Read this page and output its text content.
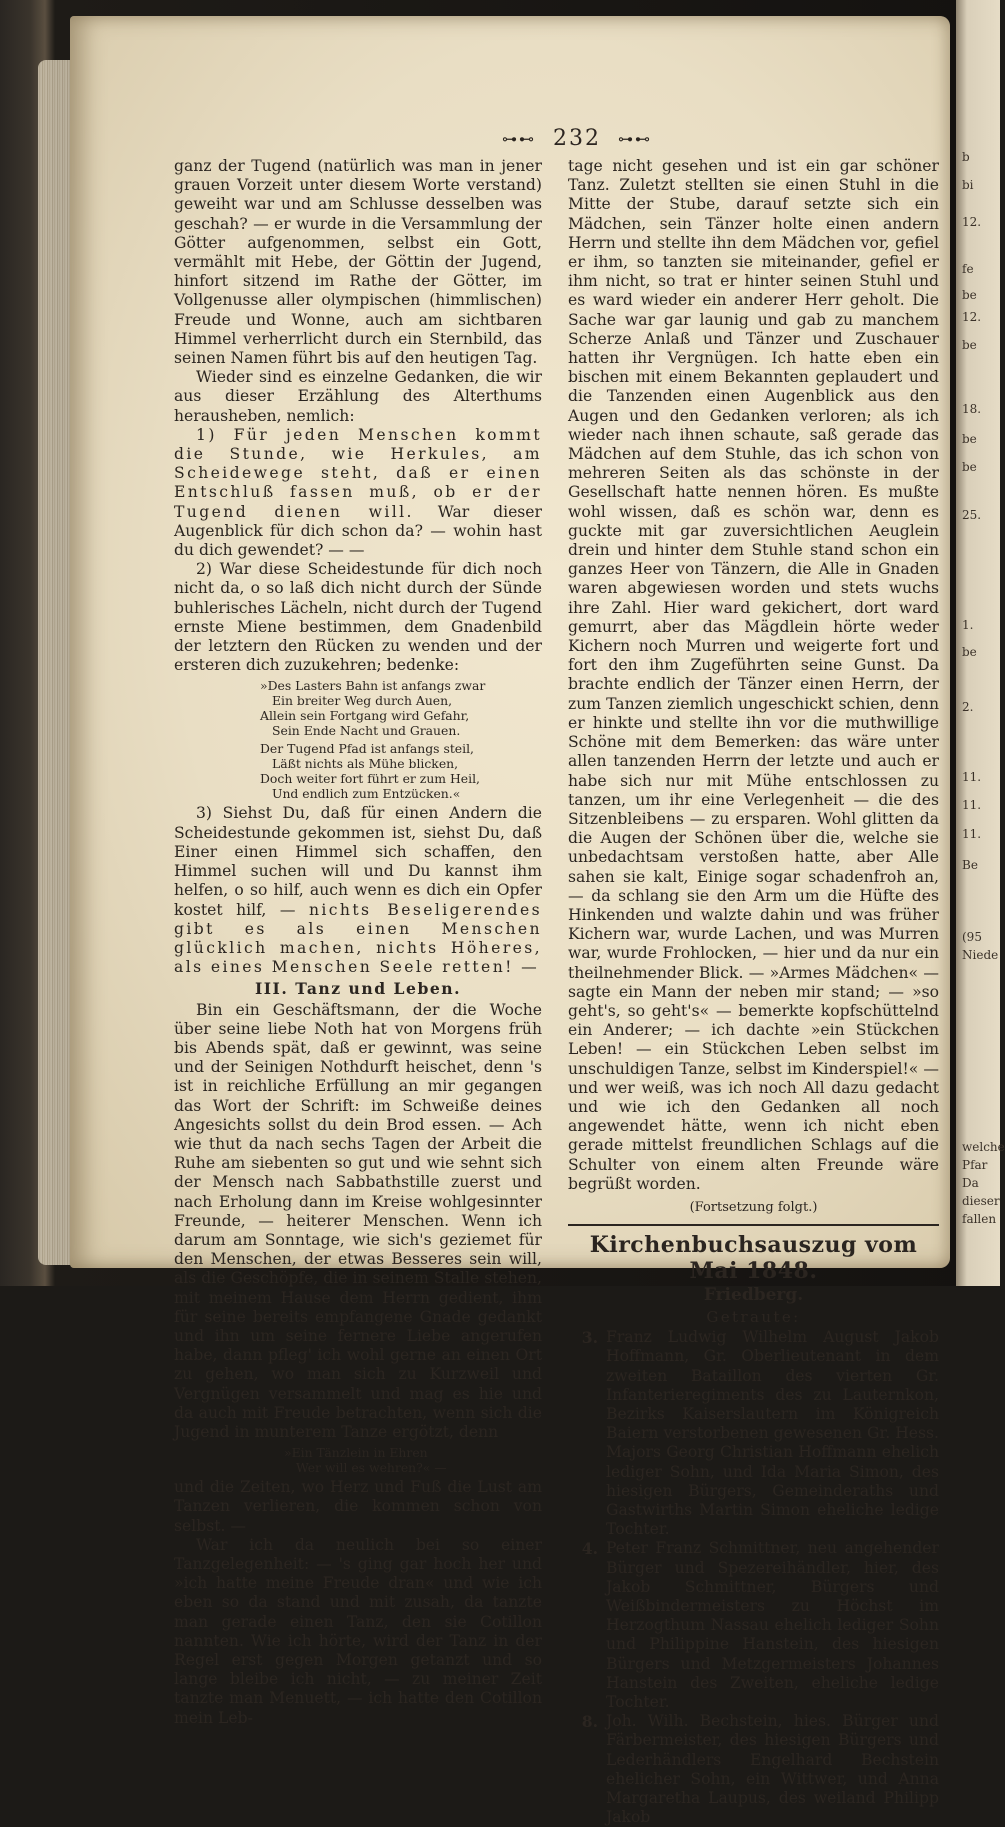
b
bi
12.
fe
be
12.
be
18.
be
be
25.
1.
be
2.
11.
11.
11.
Be
(95
Niede
welche
Pfar
Da
dieser
fallen
⊶⊷ 232 ⊶⊷

ganz der Tugend (natürlich was man in jener grauen Vorzeit unter diesem Worte verstand) geweiht war und am Schlusse desselben was geschah? — er wurde in die Versammlung der Götter aufgenommen, selbst ein Gott, vermählt mit Hebe, der Göttin der Jugend, hinfort sitzend im Rathe der Götter, im Vollgenusse aller olympischen (himmlischen) Freude und Wonne, auch am sichtbaren Himmel verherrlicht durch ein Sternbild, das seinen Namen führt bis auf den heutigen Tag.

Wieder sind es einzelne Gedanken, die wir aus dieser Erzählung des Alterthums herausheben, nemlich:

1) Für jeden Menschen kommt die Stunde, wie Herkules, am Scheidewege steht, daß er einen Entschluß fassen muß, ob er der Tugend dienen will. War dieser Augenblick für dich schon da? — wohin hast du dich gewendet? — —

2) War diese Scheidestunde für dich noch nicht da, o so laß dich nicht durch der Sünde buhlerisches Lächeln, nicht durch der Tugend ernste Miene bestimmen, dem Gnadenbild der letztern den Rücken zu wenden und der ersteren dich zuzukehren; bedenke:

»Des Lasters Bahn ist anfangs zwar
Ein breiter Weg durch Auen,
Allein sein Fortgang wird Gefahr,
Sein Ende Nacht und Grauen.
Der Tugend Pfad ist anfangs steil,
Läßt nichts als Mühe blicken,
Doch weiter fort führt er zum Heil,
Und endlich zum Entzücken.«

3) Siehst Du, daß für einen Andern die Scheidestunde gekommen ist, siehst Du, daß Einer einen Himmel sich schaffen, den Himmel suchen will und Du kannst ihm helfen, o so hilf, auch wenn es dich ein Opfer kostet hilf, — nichts Beseligerendes gibt es als einen Menschen glücklich machen, nichts Höheres, als eines Menschen Seele retten! —

III. Tanz und Leben.

Bin ein Geschäftsmann, der die Woche über seine liebe Noth hat von Morgens früh bis Abends spät, daß er gewinnt, was seine und der Seinigen Nothdurft heischet, denn 's ist in reichliche Erfüllung an mir gegangen das Wort der Schrift: im Schweiße deines Angesichts sollst du dein Brod essen. — Ach wie thut da nach sechs Tagen der Arbeit die Ruhe am siebenten so gut und wie sehnt sich der Mensch nach Sabbathstille zuerst und nach Erholung dann im Kreise wohlgesinnter Freunde, — heiterer Menschen. Wenn ich darum am Sonntage, wie sich's geziemet für den Menschen, der etwas Besseres sein will, als die Geschöpfe, die in seinem Stalle stehen, mit meinem Hause dem Herrn gedient, ihm für seine bereits empfangene Gnade gedankt und ihn um seine fernere Liebe angerufen habe, dann pfleg' ich wohl gerne an einen Ort zu gehen, wo man sich zu Kurzweil und Vergnügen versammelt und mag es hie und da auch mit Freude betrachten, wenn sich die Jugend in munterem Tanze ergötzt, denn

»Ein Tänzlein in Ehren
Wer will es wehren?« —

und die Zeiten, wo Herz und Fuß die Lust am Tanzen verlieren, die kommen schon von selbst. —

War ich da neulich bei so einer Tanzgelegenheit: — 's ging gar hoch her und »ich hatte meine Freude dran« und wie ich eben so da stand und mit zusah, da tanzte man gerade einen Tanz, den sie Cotillon nannten. Wie ich hörte, wird der Tanz in der Regel erst gegen Morgen getanzt und so lange bleibe ich nicht, — zu meiner Zeit tanzte man Menuett, — ich hatte den Cotillon mein Leb-

tage nicht gesehen und ist ein gar schöner Tanz. Zuletzt stellten sie einen Stuhl in die Mitte der Stube, darauf setzte sich ein Mädchen, sein Tänzer holte einen andern Herrn und stellte ihn dem Mädchen vor, gefiel er ihm, so tanzten sie miteinander, gefiel er ihm nicht, so trat er hinter seinen Stuhl und es ward wieder ein anderer Herr geholt. Die Sache war gar launig und gab zu manchem Scherze Anlaß und Tänzer und Zuschauer hatten ihr Vergnügen. Ich hatte eben ein bischen mit einem Bekannten geplaudert und die Tanzenden einen Augenblick aus den Augen und den Gedanken verloren; als ich wieder nach ihnen schaute, saß gerade das Mädchen auf dem Stuhle, das ich schon von mehreren Seiten als das schönste in der Gesellschaft hatte nennen hören. Es mußte wohl wissen, daß es schön war, denn es guckte mit gar zuversichtlichen Aeuglein drein und hinter dem Stuhle stand schon ein ganzes Heer von Tänzern, die Alle in Gnaden waren abgewiesen worden und stets wuchs ihre Zahl. Hier ward gekichert, dort ward gemurrt, aber das Mägdlein hörte weder Kichern noch Murren und weigerte fort und fort den ihm Zugeführten seine Gunst. Da brachte endlich der Tänzer einen Herrn, der zum Tanzen ziemlich ungeschickt schien, denn er hinkte und stellte ihn vor die muthwillige Schöne mit dem Bemerken: das wäre unter allen tanzenden Herrn der letzte und auch er habe sich nur mit Mühe entschlossen zu tanzen, um ihr eine Verlegenheit — die des Sitzenbleibens — zu ersparen. Wohl glitten da die Augen der Schönen über die, welche sie unbedachtsam verstoßen hatte, aber Alle sahen sie kalt, Einige sogar schadenfroh an, — da schlang sie den Arm um die Hüfte des Hinkenden und walzte dahin und was früher Kichern war, wurde Lachen, und was Murren war, wurde Frohlocken, — hier und da nur ein theilnehmender Blick. — »Armes Mädchen« — sagte ein Mann der neben mir stand; — »so geht's, so geht's« — bemerkte kopfschüttelnd ein Anderer; — ich dachte »ein Stückchen Leben! — ein Stückchen Leben selbst im unschuldigen Tanze, selbst im Kinderspiel!« — und wer weiß, was ich noch All dazu gedacht und wie ich den Gedanken all noch angewendet hätte, wenn ich nicht eben gerade mittelst freundlichen Schlags auf die Schulter von einem alten Freunde wäre begrüßt worden.

(Fortsetzung folgt.)
Kirchenbuchsauszug vom Mai 1848.
Friedberg.
Getraute:
3. Franz Ludwig Wilhelm August Jakob Hoffmann, Gr. Oberlieutenant in dem zweiten Bataillon des vierten Gr. Infanterieregiments des zu Lauternkon, Bezirks Kaiserslautern im Königreich Baiern verstorbenen gewesenen Gr. Hess. Majors Georg Christian Hoffmann ehelich lediger Sohn, und Ida Maria Simon, des hiesigen Bürgers, Gemeinderaths und Gastwirths Martin Simon eheliche ledige Tochter.
4. Peter Franz Schmittner, neu angehender Bürger und Spezereihändler, hier, des Jakob Schmittner, Bürgers und Weißbindermeisters zu Höchst im Herzogthum Nassau ehelich lediger Sohn und Philippine Hanstein, des hiesigen Bürgers und Metzgermeisters Johannes Hanstein des Zweiten, eheliche ledige Tochter.
8. Joh. Wilh. Bechstein, hies. Bürger und Färbermeister, des hiesigen Bürgers und Lederhändlers Engelhard Bechstein ehelicher Sohn, ein Wittwer, und Anna Margaretha Laupus, des weiland Philipp Jakob
